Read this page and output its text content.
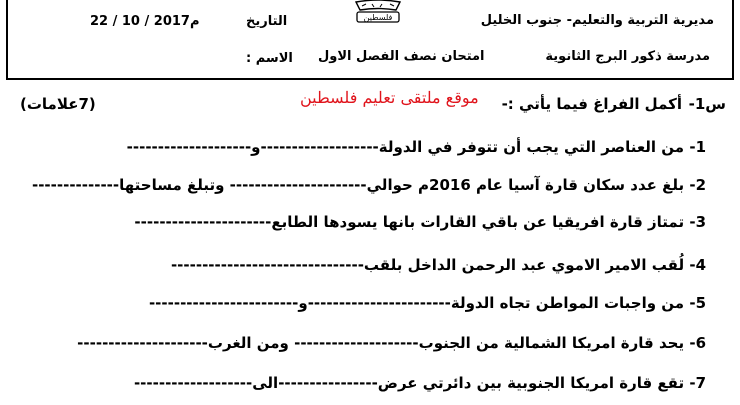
مديرية التربية والتعليم- جنوب الخليل
مدرسة ذكور البرج الثانوية
امتحان نصف الفصل الاول
فلسطين
التاريخ
22 / 10 / 2017م
الاسم :
س1-
أكمل الفراغ فيما يأتي :-
موقع ملتقى تعليم فلسطين
(7علامات)
1- من العناصر التي يجب أن تتوفر في الدولة-------------------و--------------------
2- بلغ عدد سكان قارة آسيا عام 2016م حوالي---------------------- وتبلغ مساحتها--------------
3- تمتاز قارة افريقيا عن باقي القارات بانها يسودها الطابع----------------------
4- لُقب الامير الاموي عبد الرحمن الداخل بلقب-------------------------------
5- من واجبات المواطن تجاه الدولة-----------------------و------------------------
6- يحد قارة امريكا الشمالية من الجنوب-------------------- ومن الغرب---------------------
7- تقع قارة امريكا الجنوبية بين دائرتي عرض----------------الى-------------------
